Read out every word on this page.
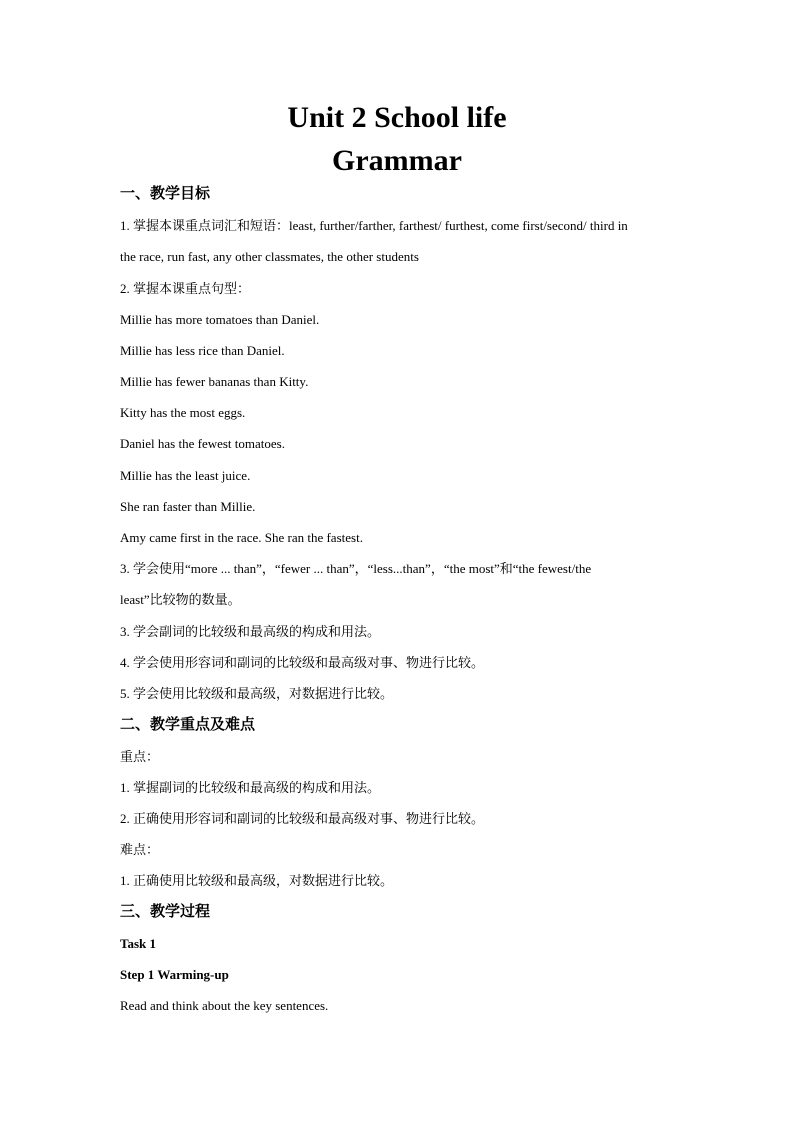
Unit 2 School life
Grammar
一、教学目标
1. 掌握本课重点词汇和短语：least, further/farther, farthest/ furthest, come first/second/ third in
the race, run fast, any other classmates, the other students
2. 掌握本课重点句型：
Millie has more tomatoes than Daniel.
Millie has less rice than Daniel.
Millie has fewer bananas than Kitty.
Kitty has the most eggs.
Daniel has the fewest tomatoes.
Millie has the least juice.
She ran faster than Millie.
Amy came first in the race. She ran the fastest.
3. 学会使用“more ... than”，“fewer ... than”，“less...than”，“the most”和“the fewest/the
least”比较物的数量。
3. 学会副词的比较级和最高级的构成和用法。
4. 学会使用形容词和副词的比较级和最高级对事、物进行比较。
5. 学会使用比较级和最高级，对数据进行比较。
二、教学重点及难点
重点：
1. 掌握副词的比较级和最高级的构成和用法。
2. 正确使用形容词和副词的比较级和最高级对事、物进行比较。
难点：
1. 正确使用比较级和最高级，对数据进行比较。
三、教学过程
Task 1
Step 1 Warming-up
Read and think about the key sentences.
